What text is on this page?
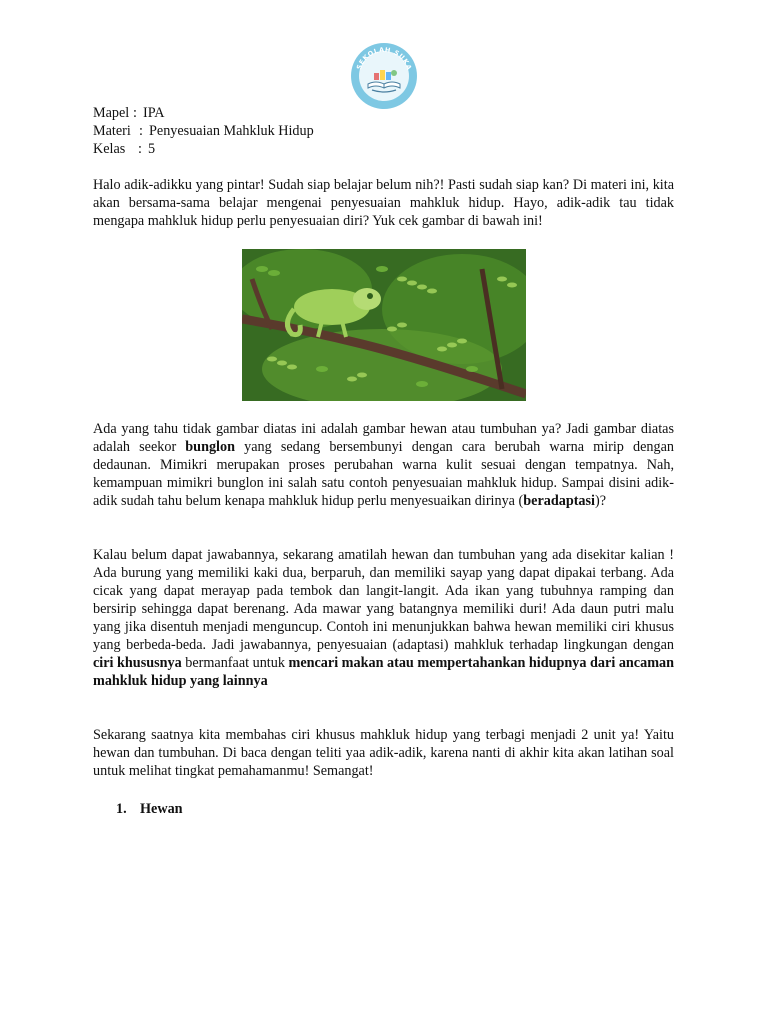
SEKOLAH SUKA
Mapel : IPA
Materi : Penyesuaian Mahkluk Hidup
Kelas : 5

Halo adik-adikku yang pintar! Sudah siap belajar belum nih?! Pasti sudah siap kan? Di materi ini, kita akan bersama-sama belajar mengenai penyesuaian mahkluk hidup. Hayo, adik-adik tau tidak mengapa mahkluk hidup perlu penyesuaian diri? Yuk cek gambar di bawah ini!

Ada yang tahu tidak gambar diatas ini adalah gambar hewan atau tumbuhan ya? Jadi gambar diatas adalah seekor bunglon yang sedang bersembunyi dengan cara berubah warna mirip dengan dedaunan. Mimikri merupakan proses perubahan warna kulit sesuai dengan tempatnya. Nah, kemampuan mimikri bunglon ini salah satu contoh penyesuaian mahkluk hidup. Sampai disini adik-adik sudah tahu belum kenapa mahkluk hidup perlu menyesuaikan dirinya (beradaptasi)?

Kalau belum dapat jawabannya, sekarang amatilah hewan dan tumbuhan yang ada disekitar kalian ! Ada burung yang memiliki kaki dua, berparuh, dan memiliki sayap yang dapat dipakai terbang. Ada cicak yang dapat merayap pada tembok dan langit-langit. Ada ikan yang tubuhnya ramping dan bersirip sehingga dapat berenang. Ada mawar yang batangnya memiliki duri! Ada daun putri malu yang jika disentuh menjadi menguncup. Contoh ini menunjukkan bahwa hewan memiliki ciri khusus yang berbeda-beda. Jadi jawabannya, penyesuaian (adaptasi) mahkluk terhadap lingkungan dengan ciri khususnya bermanfaat untuk mencari makan atau mempertahankan hidupnya dari ancaman mahkluk hidup yang lainnya

Sekarang saatnya kita membahas ciri khusus mahkluk hidup yang terbagi menjadi 2 unit ya! Yaitu hewan dan tumbuhan. Di baca dengan teliti yaa adik-adik, karena nanti di akhir kita akan latihan soal untuk melihat tingkat pemahamanmu! Semangat!

1. Hewan
